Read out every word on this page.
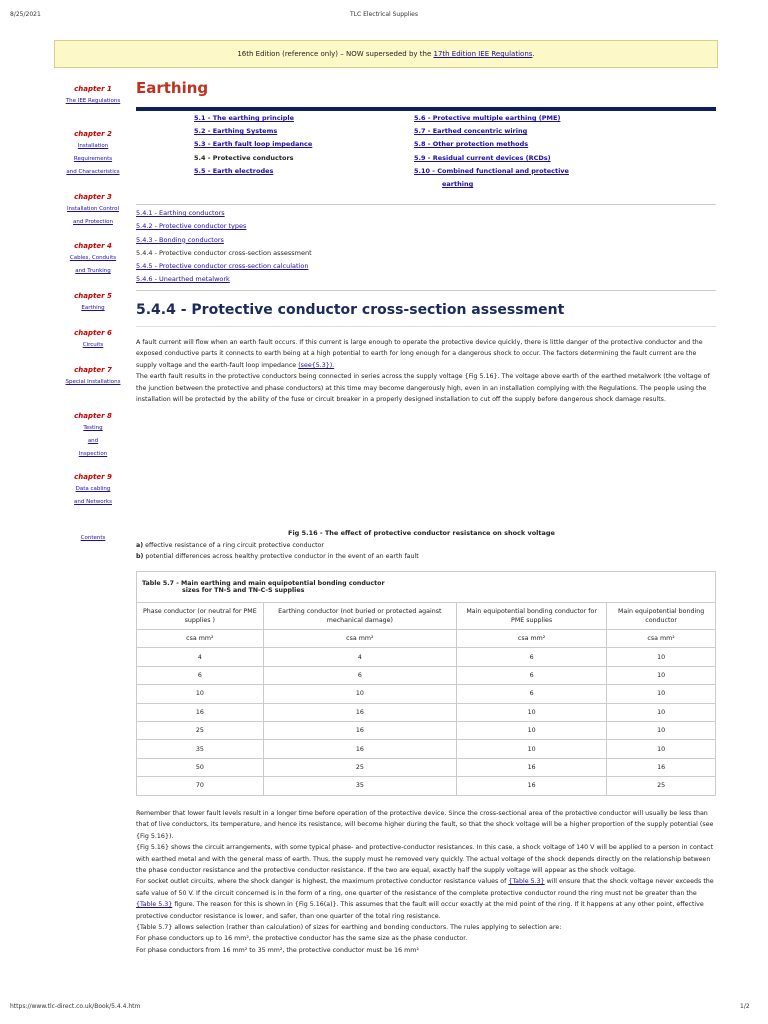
8/25/2021	TLC Electrical Supplies
16th Edition (reference only) – NOW superseded by the 17th Edition IEE Regulations .
chapter 1
The IEE Regulations
chapter 2
Installation
Requirements
and Characteristics
chapter 3
Installation Control
and Protection
chapter 4
Cables, Conduits
and Trunking
chapter 5
Earthing
chapter 6
Circuits
chapter 7
Special Installations
chapter 8
Testing
and
Inspection
chapter 9
Data cabling
and Networks
Contents
Earthing
5.1 - The earthing principle
5.2 - Earthing Systems
5.3 - Earth fault loop impedance
5.4 - Protective conductors
5.5 - Earth electrodes
5.6 - Protective multiple earthing (PME)
5.7 - Earthed concentric wiring
5.8 - Other protection methods
5.9 - Residual current devices (RCDs)
5.10 - Combined functional and protective
earthing
5.4.1 - Earthing conductors
5.4.2 - Protective conductor types
5.4.3 - Bonding conductors
5.4.4 - Protective conductor cross-section assessment
5.4.5 - Protective conductor cross-section calculation
5.4.6 - Unearthed metalwork
5.4.4 - Protective conductor cross-section assessment
A fault current will flow when an earth fault occurs. If this current is large enough to operate the protective device quickly, there is little danger of the protective conductor and the exposed conductive parts it connects to earth being at a high potential to earth for long enough for a dangerous shock to occur. The factors determining the fault current are the supply voltage and the earth-fault loop impedance (see{5.3}).
The earth fault results in the protective conductors being connected in series across the supply voltage {Fig 5.16}. The voltage above earth of the earthed metalwork (the voltage of the junction between the protective and phase conductors) at this time may become dangerously high, even in an installation complying with the Regulations. The people using the installation will be protected by the ability of the fuse or circuit breaker in a properly designed installation to cut off the supply before dangerous shock damage results.
Fig 5.16 - The effect of protective conductor resistance on shock voltage
a) effective resistance of a ring circuit protective conductor
b) potential differences across healthy protective conductor in the event of an earth fault
Table 5.7 - Main earthing and main equipotential bonding conductor
sizes for TN-S and TN-C-S supplies			

Phase conductor (or neutral for PME supplies )	Earthing conductor (not buried or protected against mechanical damage)	Main equipotential bonding conductor for PME supplies	Main equipotential bonding conductor
csa mm²	csa mm²	csa mm²	csa mm²
4	4	6	10
6	6	6	10
10	10	6	10
16	16	10	10
25	16	10	10
35	16	10	10
50	25	16	16
70	35	16	25
Remember that lower fault levels result in a longer time before operation of the protective device. Since the cross-sectional area of the protective conductor will usually be less than that of live conductors, its temperature, and hence its resistance, will become higher during the fault, so that the shock voltage will be a higher proportion of the supply potential (see {Fig 5.16}).
{Fig 5.16} shows the circuit arrangements, with some typical phase- and protective-conductor resistances. In this case, a shock voltage of 140 V will be applied to a person in contact with earthed metal and with the general mass of earth. Thus, the supply must he removed very quickly. The actual voltage of the shock depends directly on the relationship between the phase conductor resistance and the protective conductor resistance. If the two are equal, exactly half the supply voltage will appear as the shock voltage.
For socket outlet circuits, where the shock danger is highest, the maximum protective conductor resistance values of {Table 5.3} will ensure that the shock voltage never exceeds the safe value of 50 V. If the circuit concerned is in the form of a ring, one quarter of the resistance of the complete protective conductor round the ring must not be greater than the {Table 5.3} figure. The reason for this is shown in {Fig 5.16(a)}. This assumes that the fault will occur exactly at the mid point of the ring. If it happens at any other point, effective protective conductor resistance is lower, and safer, than one quarter of the total ring resistance.
{Table 5.7} allows selection (rather than calculation) of sizes for earthing and bonding conductors. The rules applying to selection are:
For phase conductors up to 16 mm², the protective conductor has the same size as the phase conductor.
For phase conductors from 16 mm² to 35 mm², the protective conductor must be 16 mm²
https://www.tlc-direct.co.uk/Book/5.4.4.htm	1/2
